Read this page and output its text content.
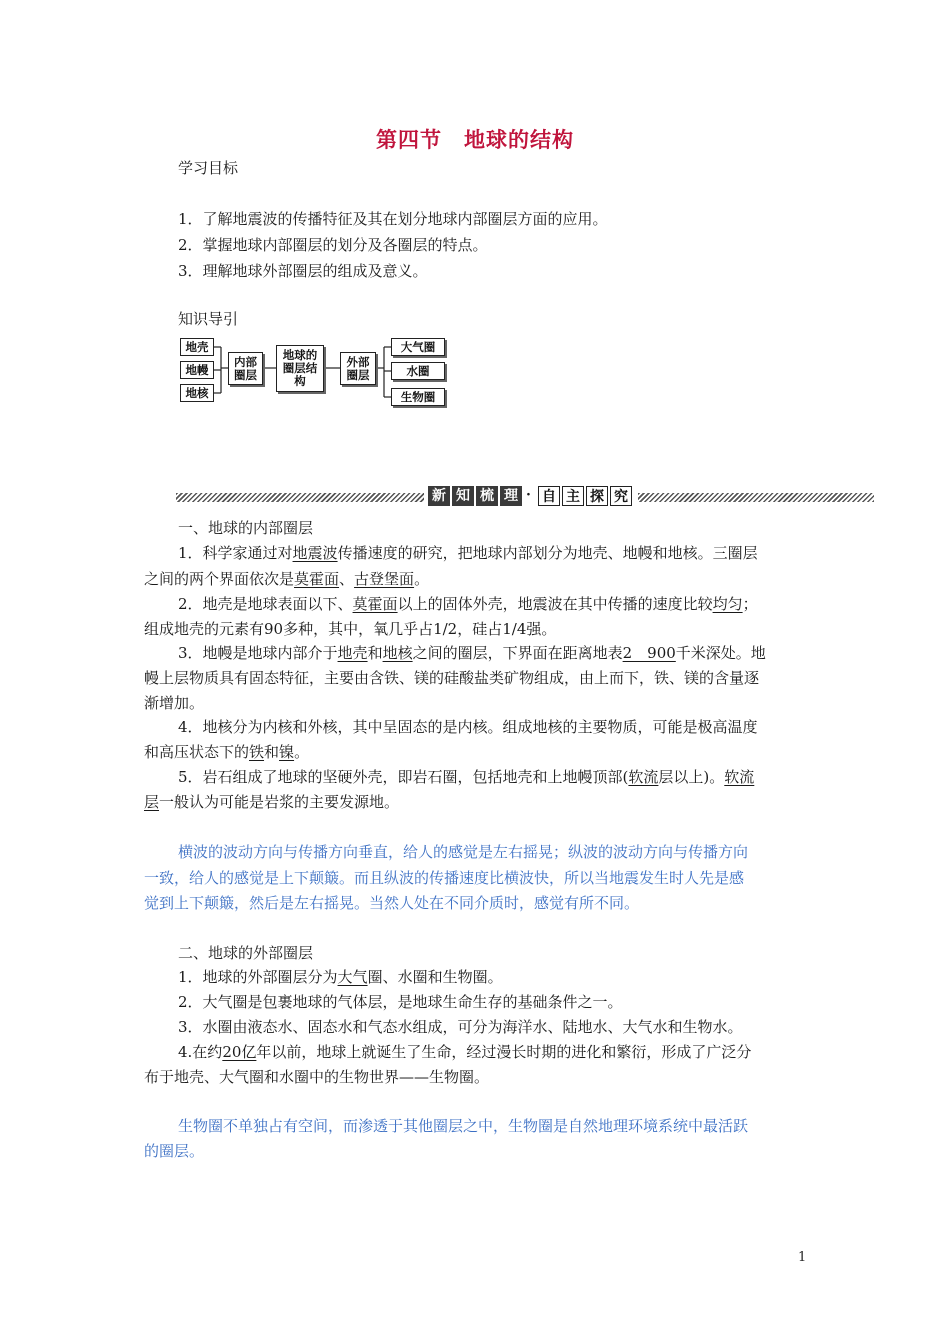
第四节　地球的结构
学习目标
1．了解地震波的传播特征及其在划分地球内部圈层方面的应用。
2．掌握地球内部圈层的划分及各圈层的特点。
3．理解地球外部圈层的组成及意义。
知识导引
地壳
地幔
地核
内部圈层
地球的圈层结构
外部圈层
大气圈
水圈
生物圈
新 知 梳 理 · 自 主 探 究
一、地球的内部圈层
1．科学家通过对地震波传播速度的研究，把地球内部划分为地壳、地幔和地核。三圈层
之间的两个界面依次是莫霍面、古登堡面。
2．地壳是地球表面以下、莫霍面以上的固体外壳，地震波在其中传播的速度比较均匀；
组成地壳的元素有90多种，其中，氧几乎占1/2，硅占1/4强。
3．地幔是地球内部介于地壳和地核之间的圈层，下界面在距离地表2　900千米深处。地
幔上层物质具有固态特征，主要由含铁、镁的硅酸盐类矿物组成，由上而下，铁、镁的含量逐
渐增加。
4．地核分为内核和外核，其中呈固态的是内核。组成地核的主要物质，可能是极高温度
和高压状态下的铁和镍。
5．岩石组成了地球的坚硬外壳，即岩石圈，包括地壳和上地幔顶部(软流层以上)。软流
层一般认为可能是岩浆的主要发源地。
横波的波动方向与传播方向垂直，给人的感觉是左右摇晃；纵波的波动方向与传播方向
一致，给人的感觉是上下颠簸。而且纵波的传播速度比横波快，所以当地震发生时人先是感
觉到上下颠簸，然后是左右摇晃。当然人处在不同介质时，感觉有所不同。
二、地球的外部圈层
1．地球的外部圈层分为大气圈、水圈和生物圈。
2．大气圈是包裹地球的气体层，是地球生命生存的基础条件之一。
3．水圈由液态水、固态水和气态水组成，可分为海洋水、陆地水、大气水和生物水。
4.在约20亿年以前，地球上就诞生了生命，经过漫长时期的进化和繁衍，形成了广泛分
布于地壳、大气圈和水圈中的生物世界——生物圈。
生物圈不单独占有空间，而渗透于其他圈层之中，生物圈是自然地理环境系统中最活跃
的圈层。
1
